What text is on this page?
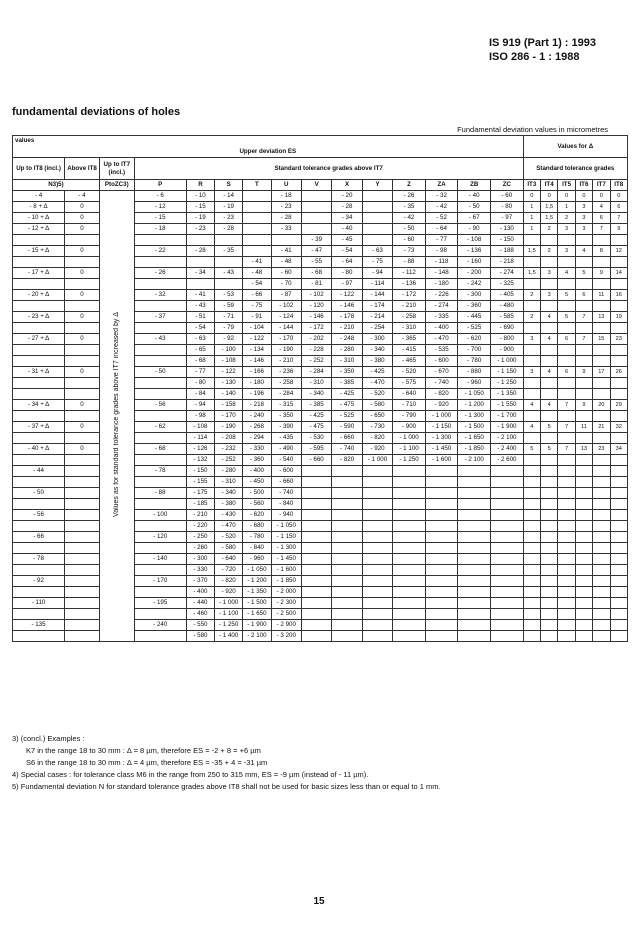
IS 919 (Part 1) : 1993
ISO 286 - 1 : 1988
fundamental deviations of holes
Fundamental deviation values in micrometres
values															Values for Δ					
Upper deviation ES																				
Up to IT8 (incl.)	Above IT8	Up to IT7 (incl.)	Standard tolerance grades above IT7												Standard tolerance grades					
N3)5)		PtoZC3)	P	R	S	T	U	V	X	Y	Z	ZA	ZB	ZC	IT3	IT4	IT5	IT6	IT7	IT8
- 4	- 4	Values as for standard tolerance grades above IT7 increased by Δ	- 6	- 10	- 14		- 18		- 20		- 26	- 32	- 40	- 60	0	0	0	0	0	0
- 8 + Δ	0		- 12	- 15	- 19		- 23		- 28		- 35	- 42	- 50	- 80	1	1,5	1	3	4	6
- 10 + Δ	0		- 15	- 19	- 23		- 28		- 34		- 42	- 52	- 67	- 97	1	1,5	2	3	6	7
- 12 + Δ	0		- 18	- 23	- 28		- 33		- 40		- 50	- 64	- 90	- 130	1	2	3	3	7	9
								- 39	- 45		- 60	- 77	- 108	- 150						
- 15 + Δ	0		- 22	- 28	- 35		- 41	- 47	- 54	- 63	- 73	- 98	- 136	- 188	1,5	2	3	4	8	12
						- 41	- 48	- 55	- 64	- 75	- 88	- 118	- 160	- 218						
- 17 + Δ	0		- 26	- 34	- 43	- 48	- 60	- 68	- 80	- 94	- 112	- 148	- 200	- 274	1,5	3	4	5	9	14
						- 54	- 70	- 81	- 97	- 114	- 136	- 180	- 242	- 325						
- 20 + Δ	0		- 32	- 41	- 53	- 66	- 87	- 102	- 122	- 144	- 172	- 226	- 300	- 405	2	3	5	6	11	16
				- 43	- 59	- 75	- 102	- 120	- 146	- 174	- 210	- 274	- 360	- 480						
- 23 + Δ	0		- 37	- 51	- 71	- 91	- 124	- 146	- 178	- 214	- 258	- 335	- 445	- 585	2	4	5	7	13	19
				- 54	- 79	- 104	- 144	- 172	- 210	- 254	- 310	- 400	- 525	- 690						
- 27 + Δ	0		- 43	- 63	- 92	- 122	- 170	- 202	- 248	- 300	- 365	- 470	- 620	- 800	3	4	6	7	15	23
				- 65	- 100	- 134	- 190	- 228	- 280	- 340	- 415	- 535	- 700	- 900						
				- 68	- 108	- 146	- 210	- 252	- 310	- 380	- 465	- 600	- 780	- 1 000						
- 31 + Δ	0		- 50	- 77	- 122	- 166	- 236	- 284	- 350	- 425	- 520	- 670	- 880	- 1 150	3	4	6	9	17	26
				- 80	- 130	- 180	- 258	- 310	- 385	- 470	- 575	- 740	- 960	- 1 250						
				- 84	- 140	- 196	- 284	- 340	- 425	- 520	- 640	- 820	- 1 050	- 1 350						
- 34 + Δ	0		- 56	- 94	- 158	- 218	- 315	- 385	- 475	- 580	- 710	- 920	- 1 200	- 1 550	4	4	7	9	20	29
				- 98	- 170	- 240	- 350	- 425	- 525	- 650	- 790	- 1 000	- 1 300	- 1 700						
- 37 + Δ	0		- 62	- 108	- 190	- 268	- 390	- 475	- 590	- 730	- 900	- 1 150	- 1 500	- 1 900	4	5	7	11	21	32
				- 114	- 208	- 294	- 435	- 530	- 660	- 820	- 1 000	- 1 300	- 1 650	- 2 100						
- 40 + Δ	0		- 68	- 126	- 232	- 330	- 490	- 595	- 740	- 920	- 1 100	- 1 450	- 1 850	- 2 400	5	5	7	13	23	34
				- 132	- 252	- 360	- 540	- 660	- 820	- 1 000	- 1 250	- 1 600	- 2 100	- 2 600						
- 44			- 78	- 150	- 280	- 400	- 600													
				- 155	- 310	- 450	- 660													
- 50			- 88	- 175	- 340	- 500	- 740													
				- 185	- 380	- 560	- 840													
- 56			- 100	- 210	- 430	- 620	- 940													
				- 220	- 470	- 680	- 1 050													
- 66			- 120	- 250	- 520	- 780	- 1 150													
				- 260	- 580	- 840	- 1 300													
- 78			- 140	- 300	- 640	- 960	- 1 450													
				- 330	- 720	- 1 050	- 1 600													
- 92			- 170	- 370	- 820	- 1 200	- 1 850													
				- 400	- 920	- 1 350	- 2 000													
- 110			- 195	- 440	- 1 000	- 1 500	- 2 300													
				- 460	- 1 100	- 1 650	- 2 500													
- 135			- 240	- 550	- 1 250	- 1 900	- 2 900													
				- 580	- 1 400	- 2 100	- 3 200													
3) (concl.) Examples :
K7 in the range 18 to 30 mm : Δ = 8 µm, therefore ES = -2 + 8 = +6 µm
S6 in the range 18 to 30 mm : Δ = 4 µm, therefore ES = -35 + 4 = -31 µm
4) Special cases : for tolerance class M6 in the range from 250 to 315 mm, ES = -9 µm (instead of - 11 µm).
5) Fundamental deviation N for standard tolerance grades above IT8 shall not be used for basic sizes less than or equal to 1 mm.
15
